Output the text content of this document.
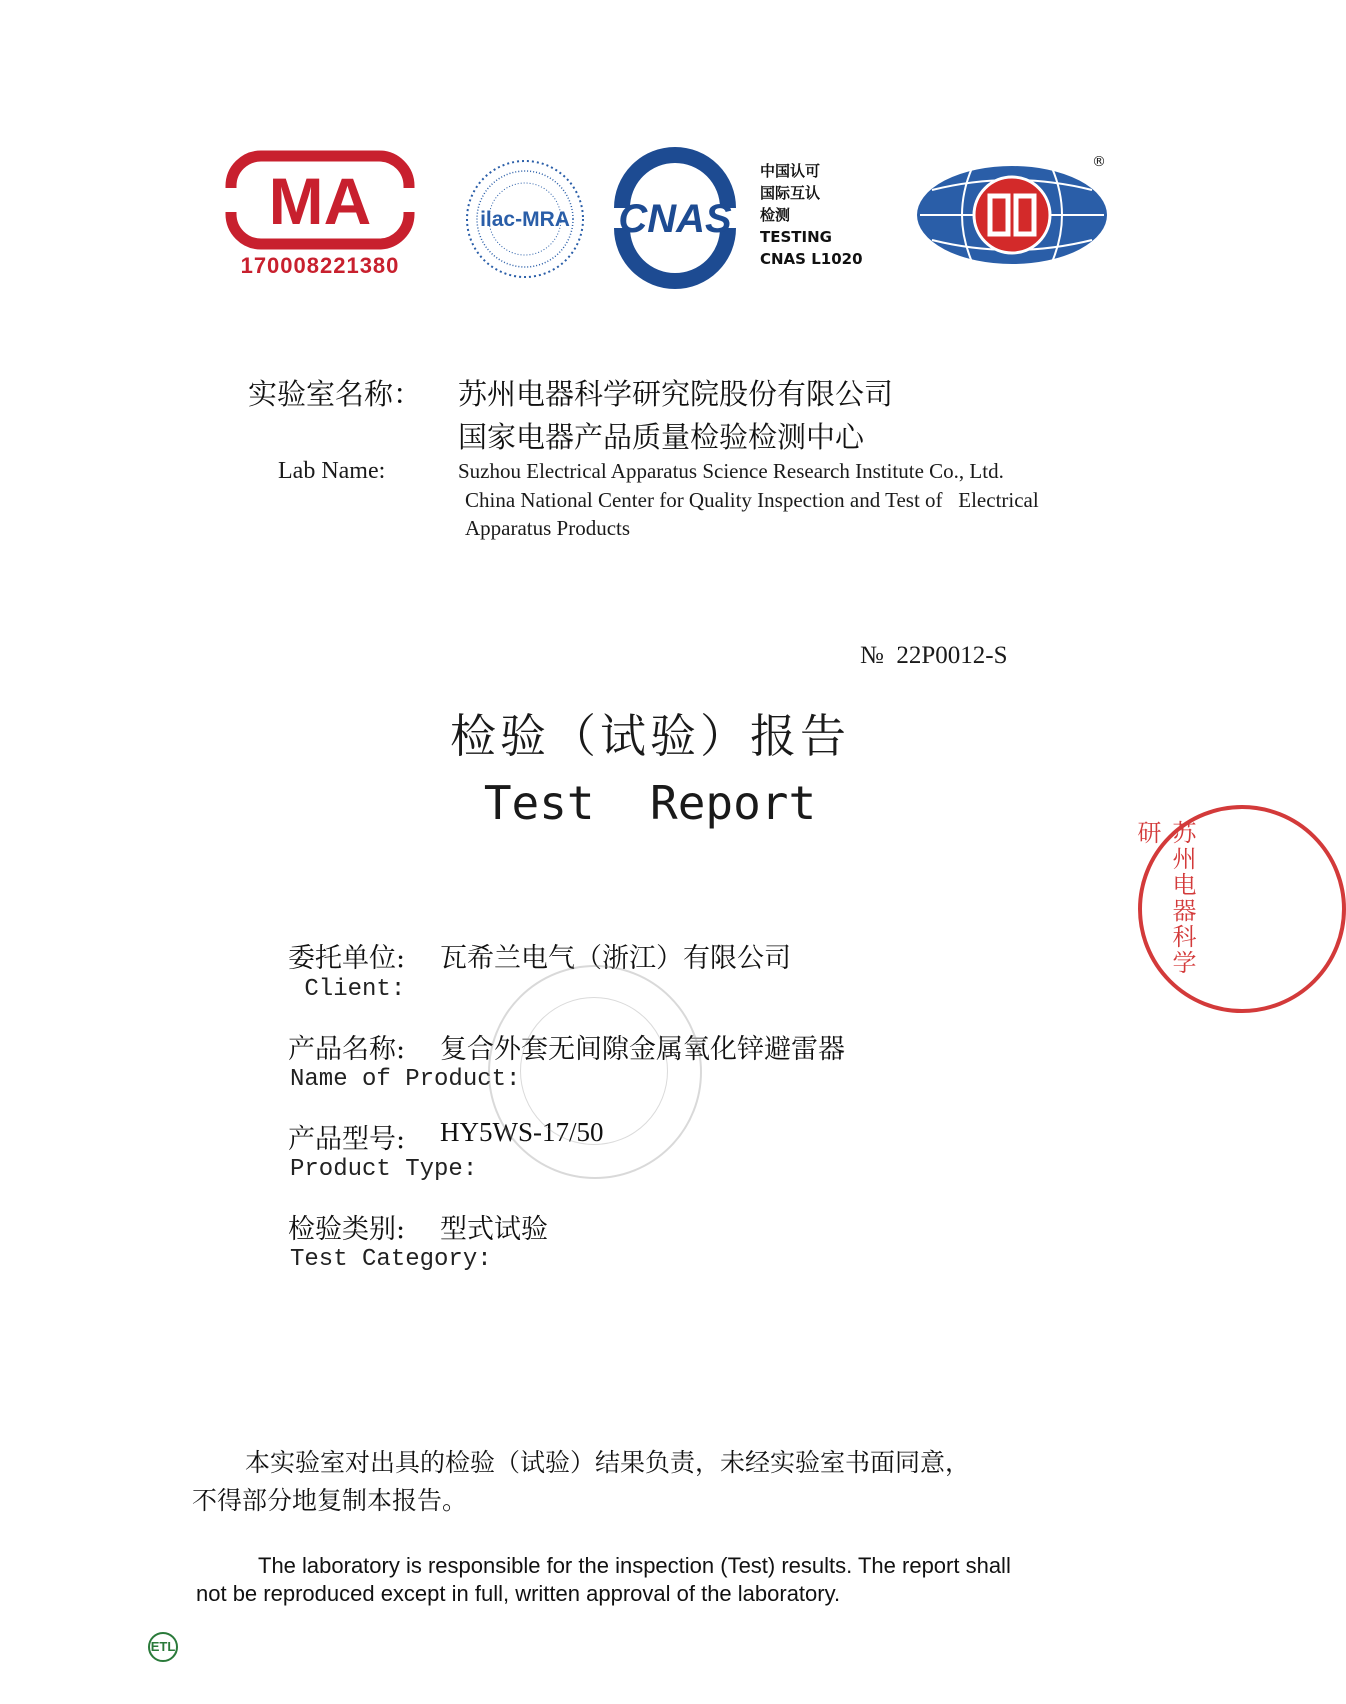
MA
170008221380
ilac-MRA CNAS
中国认可
国际互认
检测
TESTING
CNAS L1020
®
实验室名称： 苏州电器科学研究院股份有限公司
国家电器产品质量检验检测中心
Lab Name:	Suzhou Electrical Apparatus Science Research Institute Co., Ltd.
China National Center for Quality Inspection and Test of   Electrical
Apparatus Products
№  22P0012-S
检验（试验）报告
Test  Report
苏州电器科学研
委托单位: 瓦希兰电气（浙江）有限公司
Client:
产品名称: 复合外套无间隙金属氧化锌避雷器
Name of Product:
产品型号: HY5WS-17/50
Product Type:
检验类别: 型式试验
Test Category:
本实验室对出具的检验（试验）结果负责，未经实验室书面同意，
不得部分地复制本报告。
The laboratory is responsible for the inspection (Test) results. The report shall
not be reproduced except in full, written approval of the laboratory.
ETL
